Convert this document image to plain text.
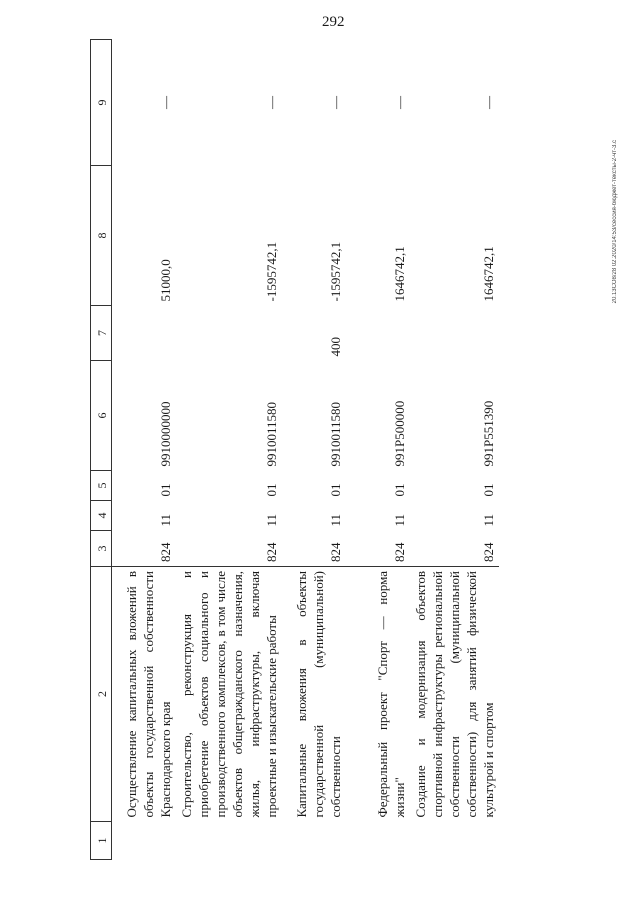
292
20.13СО8/28 02.2020/14:53/сессия-бюджет-тексты-2-чт-3.с
1	2	3	4	5	6	7	8	9
	Осуществление капитальных вложений в объекты государственной собственности Краснодарского края	824	11	01	9910000000		51000,0	—
	Строительство, реконструкция и приобретение объектов социального и производственного комплексов, в том числе объектов общегражданского назначения, жилья, инфраструктуры, включая проектные и изыскательские работы	824	11	01	9910011580		-1595742,1	—
	Капитальные вложения в объекты государственной (муниципальной) собственности	824	11	01	9910011580	400	-1595742,1	—
	Федеральный проект "Спорт — норма жизни"	824	11	01	991P500000		1646742,1	—
	Создание и модернизация объектов спортивной инфраструктуры региональной собственности (муниципальной собственности) для занятий физической культурой и спортом	824	11	01	991P551390		1646742,1	—
